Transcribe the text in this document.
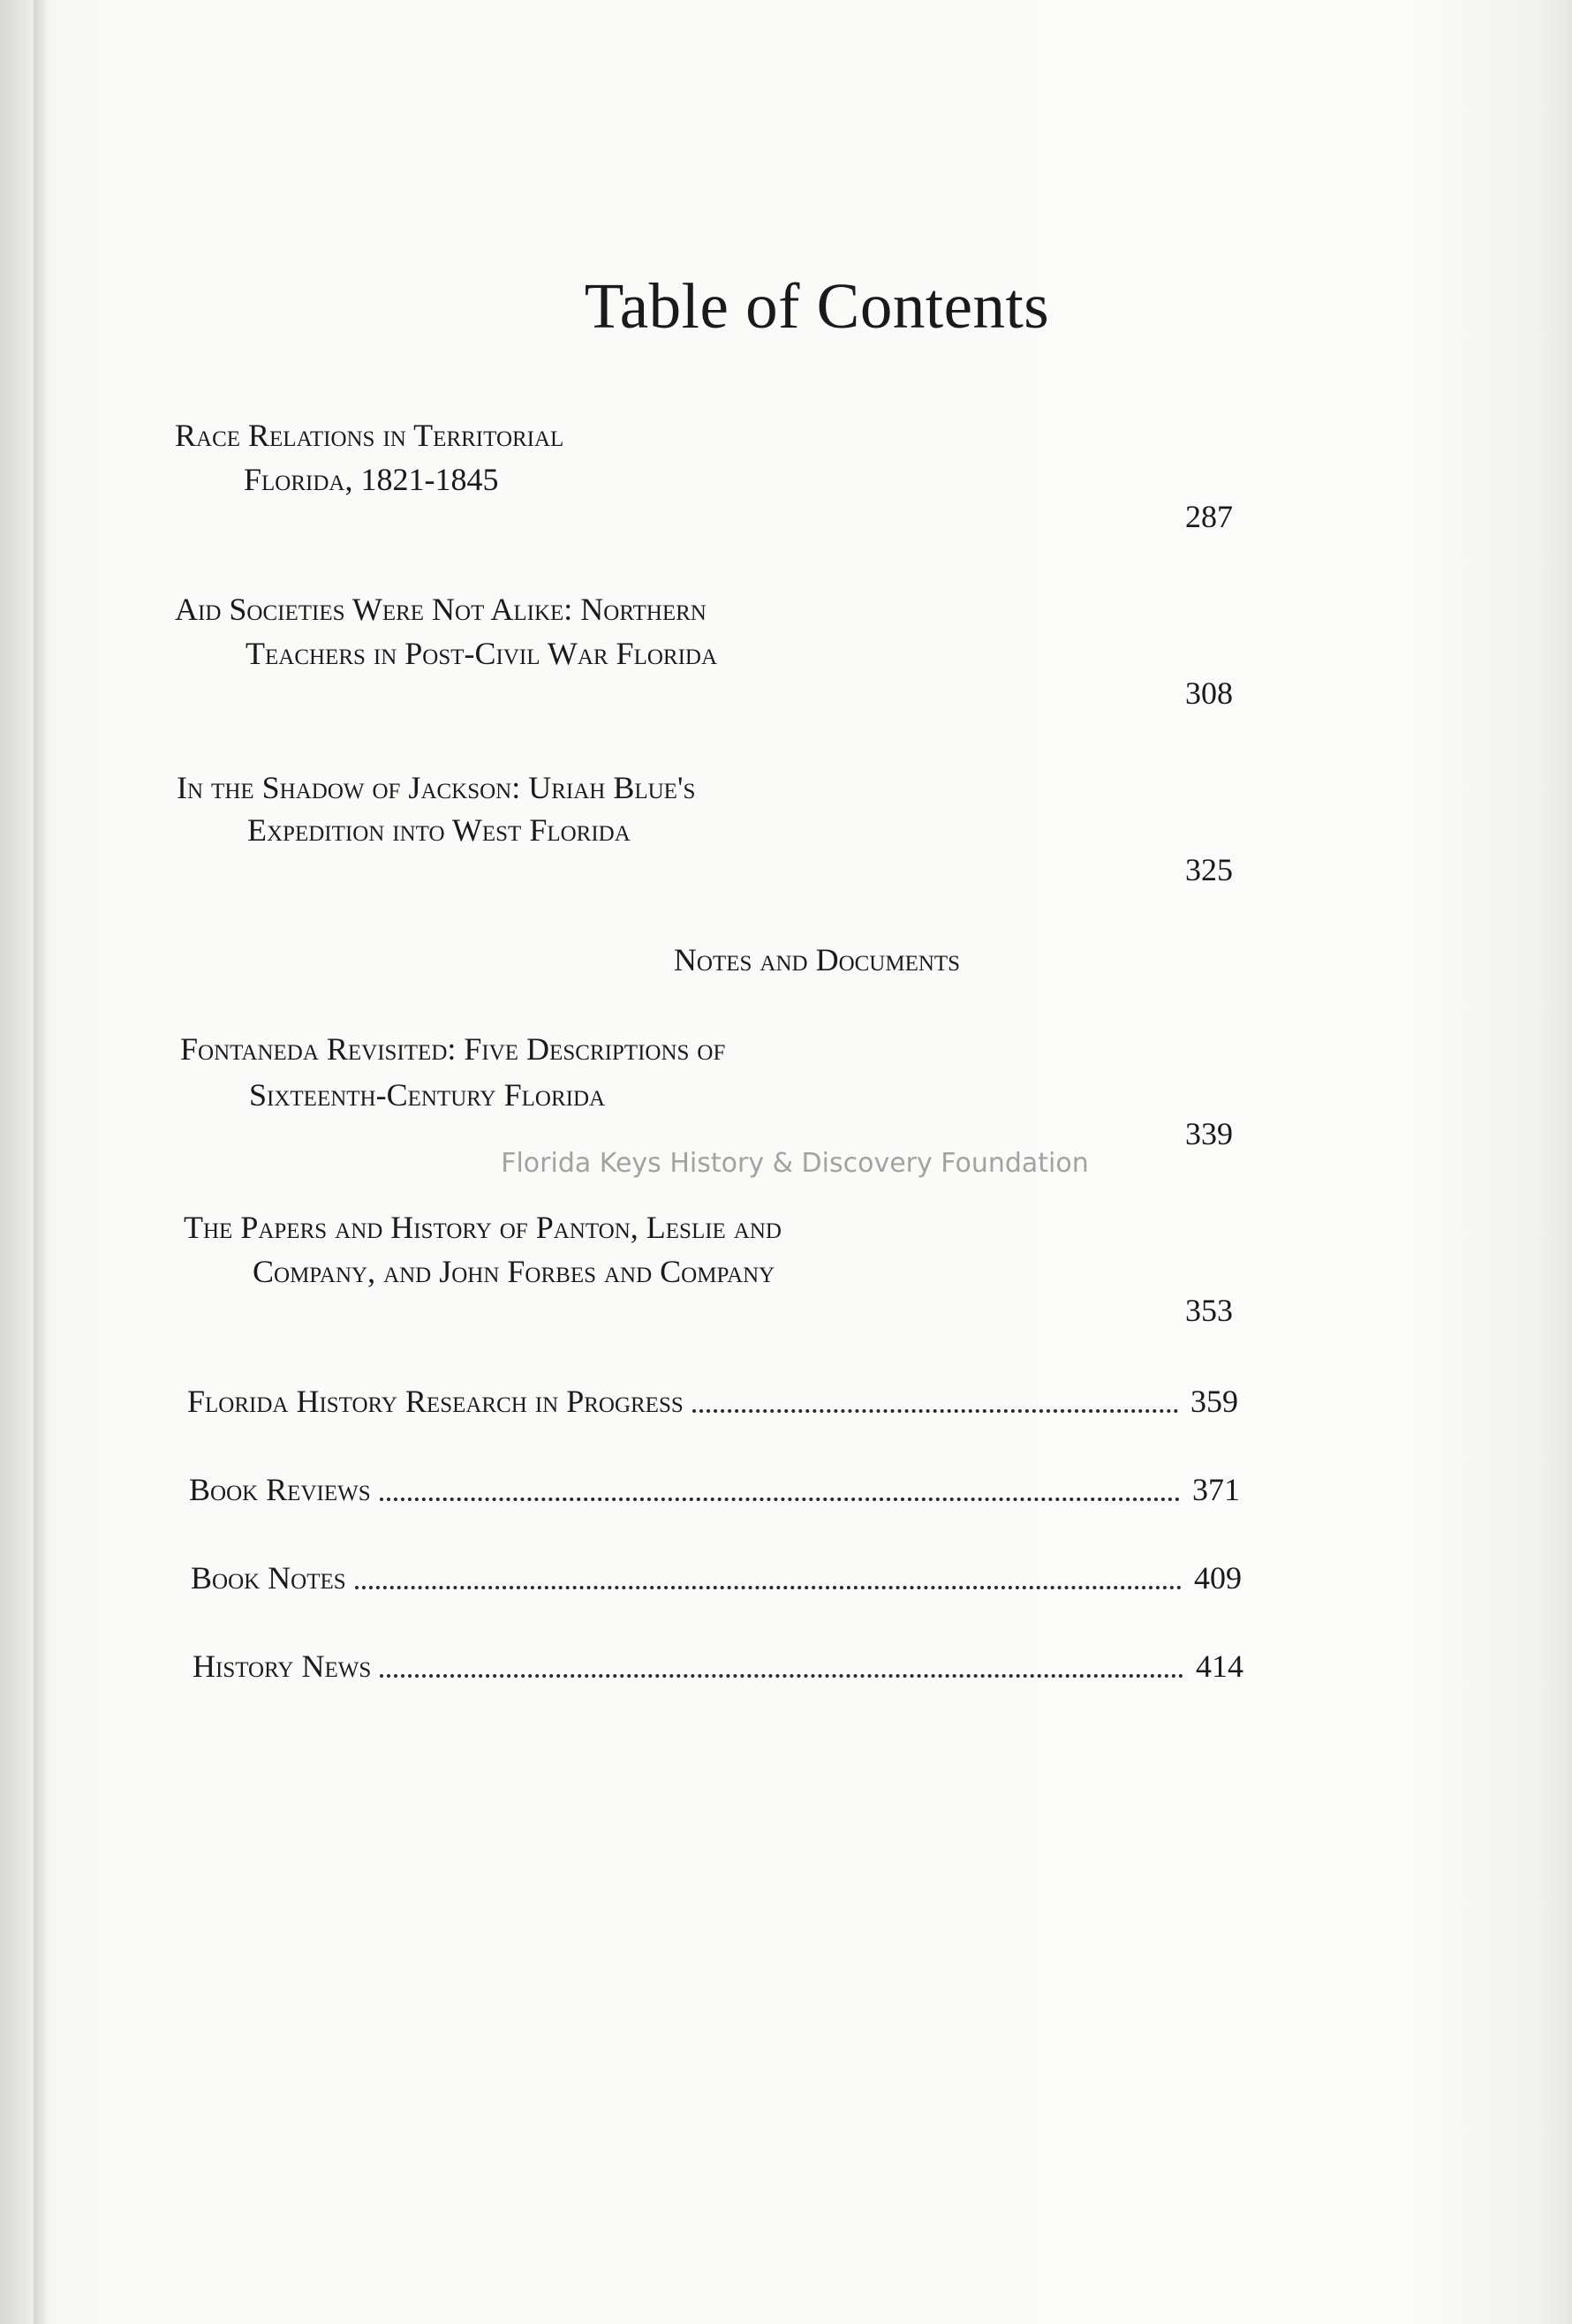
Table of Contents
Race Relations in Territorial
Florida, 1821-1845
287
Aid Societies Were Not Alike: Northern
Teachers in Post-Civil War Florida
308
In the Shadow of Jackson: Uriah Blue's
Expedition into West Florida
325
Notes and Documents
Fontaneda Revisited: Five Descriptions of
Sixteenth-Century Florida
339
Florida Keys History & Discovery Foundation
The Papers and History of Panton, Leslie and
Company, and John Forbes and Company
353
Florida History Research in Progress	359
Book Reviews	371
Book Notes	409
History News	414
